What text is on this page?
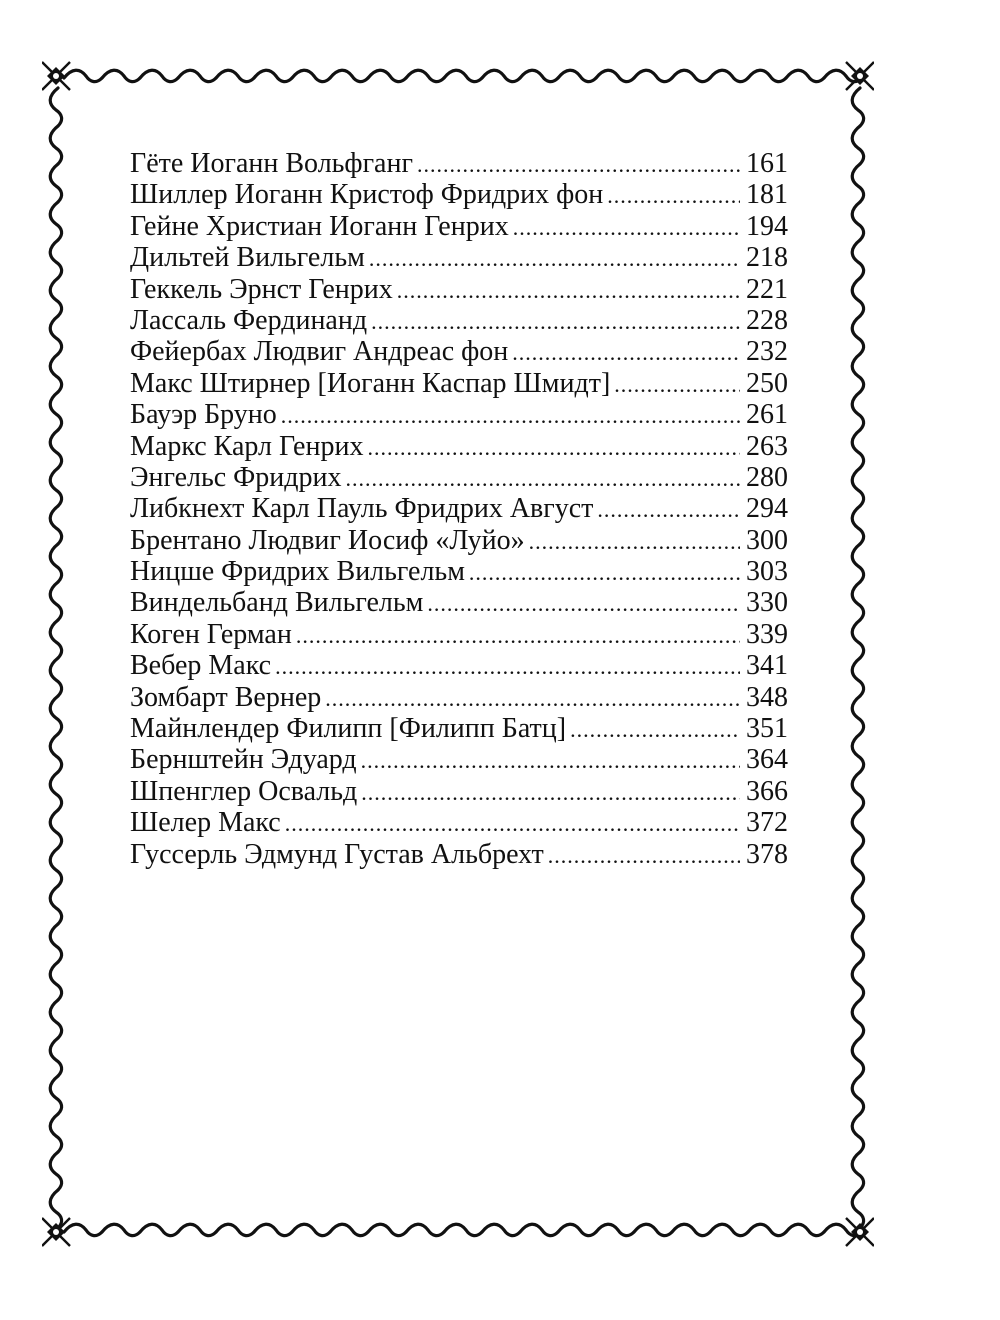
Гёте Иоганн Вольфганг .....	161
Шиллер Иоганн Кристоф Фридрих фон .....	181
Гейне Христиан Иоганн Генрих .....	194
Дильтей Вильгельм .....	218
Геккель Эрнст Генрих .....	221
Лассаль Фердинанд .....	228
Фейербах Людвиг Андреас фон .....	232
Макс Штирнер [Иоганн Каспар Шмидт] .....	250
Бауэр Бруно .....	261
Маркс Карл Генрих .....	263
Энгельс Фридрих .....	280
Либкнехт Карл Пауль Фридрих Август .....	294
Брентано Людвиг Иосиф «Луйо» .....	300
Ницше Фридрих Вильгельм .....	303
Виндельбанд Вильгельм .....	330
Коген Герман .....	339
Вебер Макс .....	341
Зомбарт Вернер .....	348
Майнлендер Филипп [Филипп Батц] .....	351
Бернштейн Эдуард .....	364
Шпенглер Освальд .....	366
Шелер Макс .....	372
Гуссерль Эдмунд Густав Альбрехт .....	378
